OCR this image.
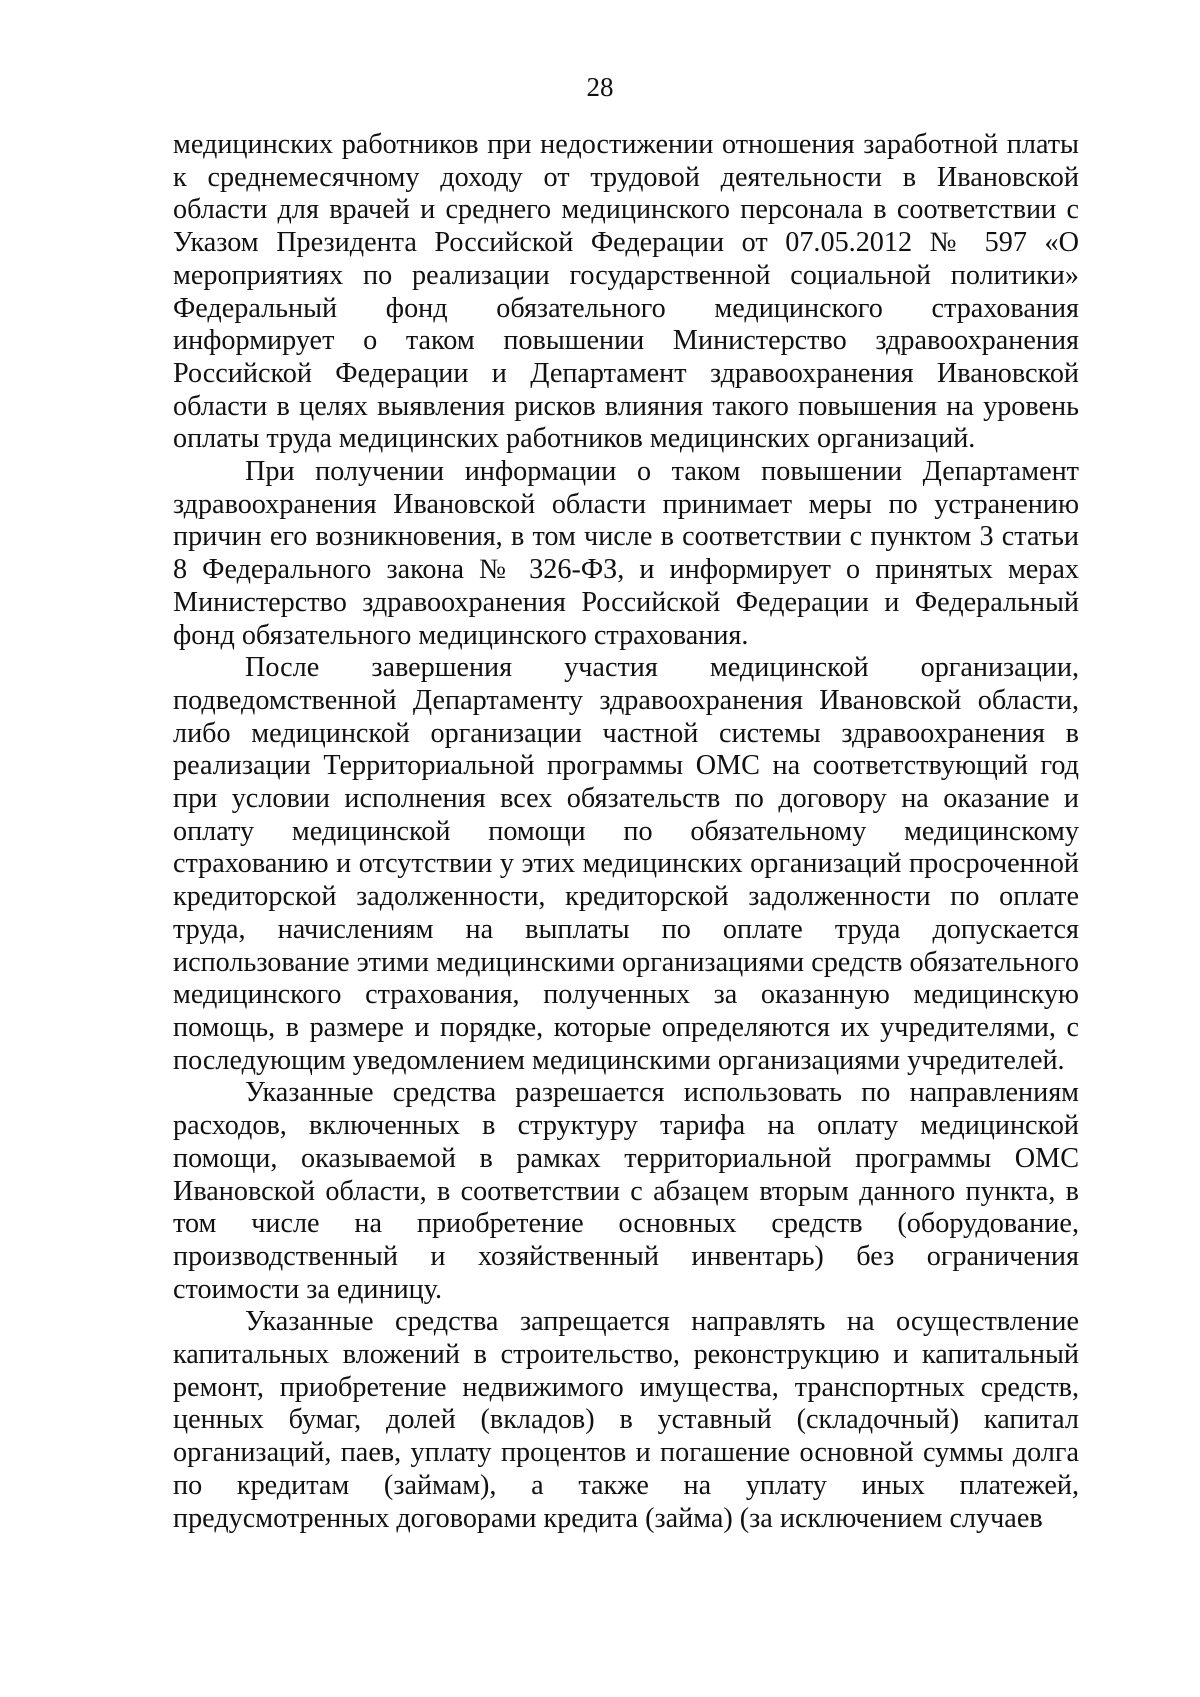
28

медицинских работников при недостижении отношения заработной платы к среднемесячному доходу от трудовой деятельности в Ивановской области для врачей и среднего медицинского персонала в соответствии с Указом Президента Российской Федерации от 07.05.2012 № 597 «О мероприятиях по реализации государственной социальной политики» Федеральный фонд обязательного медицинского страхования информирует о таком повышении Министерство здравоохранения Российской Федерации и Департамент здравоохранения Ивановской области в целях выявления рисков влияния такого повышения на уровень оплаты труда медицинских работников медицинских организаций.

При получении информации о таком повышении Департамент здравоохранения Ивановской области принимает меры по устранению причин его возникновения, в том числе в соответствии с пунктом 3 статьи 8 Федерального закона № 326-ФЗ, и информирует о принятых мерах Министерство здравоохранения Российской Федерации и Федеральный фонд обязательного медицинского страхования.

После завершения участия медицинской организации, подведомственной Департаменту здравоохранения Ивановской области, либо медицинской организации частной системы здравоохранения в реализации Территориальной программы ОМС на соответствующий год при условии исполнения всех обязательств по договору на оказание и оплату медицинской помощи по обязательному медицинскому страхованию и отсутствии у этих медицинских организаций просроченной кредиторской задолженности, кредиторской задолженности по оплате труда, начислениям на выплаты по оплате труда допускается использование этими медицинскими организациями средств обязательного медицинского страхования, полученных за оказанную медицинскую помощь, в размере и порядке, которые определяются их учредителями, с последующим уведомлением медицинскими организациями учредителей.

Указанные средства разрешается использовать по направлениям расходов, включенных в структуру тарифа на оплату медицинской помощи, оказываемой в рамках территориальной программы ОМС Ивановской области, в соответствии с абзацем вторым данного пункта, в том числе на приобретение основных средств (оборудование, производственный и хозяйственный инвентарь) без ограничения стоимости за единицу.

Указанные средства запрещается направлять на осуществление капитальных вложений в строительство, реконструкцию и капитальный ремонт, приобретение недвижимого имущества, транспортных средств, ценных бумаг, долей (вкладов) в уставный (складочный) капитал организаций, паев, уплату процентов и погашение основной суммы долга по кредитам (займам), а также на уплату иных платежей, предусмотренных договорами кредита (займа) (за исключением случаев
